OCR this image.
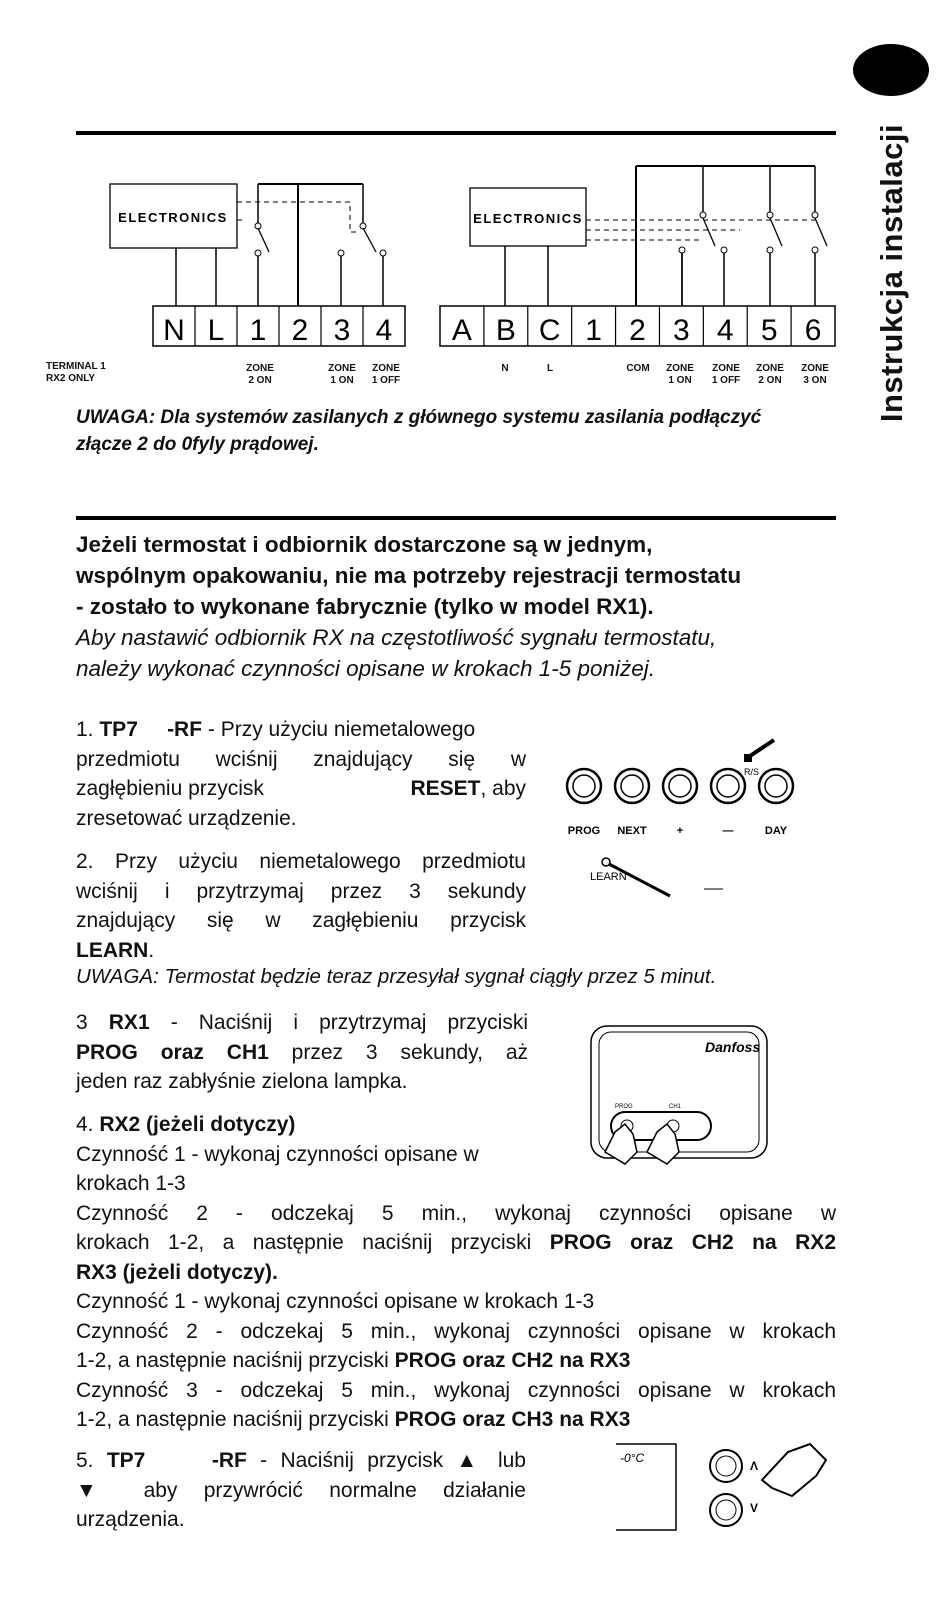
Instrukcja instalacji
ELECTRONICS
N L 1 2 3 4
ELECTRONICS
A B C 1 2 3 4 5 6
TERMINAL 1
RX2 ONLY
ZONE
2 ON
ZONE
1 ON
ZONE
1 OFF
N	L	COM	ZONE
1 ON
ZONE
1 OFF
ZONE
2 ON
ZONE
3 ON
UWAGA: Dla systemów zasilanych z głównego systemu zasilania podłączyć
złącze 2 do 0fyly prądowej.
Jeżeli termostat i odbiornik dostarczone są w jednym,
wspólnym opakowaniu, nie ma potrzeby rejestracji termostatu
- zostało to wykonane fabrycznie (tylko w model RX1).
Aby nastawić odbiornik RX na częstotliwość sygnału termostatu,
należy wykonać czynności opisane w krokach 1-5 poniżej.
1. TP7 -RF - Przy użyciu niemetalowego
przedmiotu wciśnij znajdujący się w
zagłębieniu przycisk	RESET, aby
zresetować urządzenie.
2. Przy użyciu niemetalowego przedmiotu
wciśnij i przytrzymaj przez 3 sekundy
znajdujący się w zagłębieniu przycisk
LEARN.
UWAGA: Termostat będzie teraz przesyłał sygnał ciągły przez 5 minut.
R/S
PROG NEXT	+	—	DAY
LEARN
3 RX1 - Naciśnij i przytrzymaj przyciski
PROG oraz CH1 przez 3 sekundy, aż
jeden raz zabłyśnie zielona lampka.
Danfoss
PROG	CH1
4. RX2 (jeżeli dotyczy)
Czynność 1 - wykonaj czynności opisane w
krokach 1-3
Czynność 2 - odczekaj 5 min., wykonaj czynności opisane w
krokach 1-2, a następnie naciśnij przyciski PROG oraz CH2 na RX2
RX3 (jeżeli dotyczy).
Czynność 1 - wykonaj czynności opisane w krokach 1-3
Czynność 2 - odczekaj 5 min., wykonaj czynności opisane w krokach
1-2, a następnie naciśnij przyciski PROG oraz CH2 na RX3
Czynność 3 - odczekaj 5 min., wykonaj czynności opisane w krokach
1-2, a następnie naciśnij przyciski PROG oraz CH3 na RX3
5. TP7	-RF - Naciśnij przycisk ▲ lub
▼ aby przywrócić normalne działanie
urządzenia.
-0°C
Λ
V
